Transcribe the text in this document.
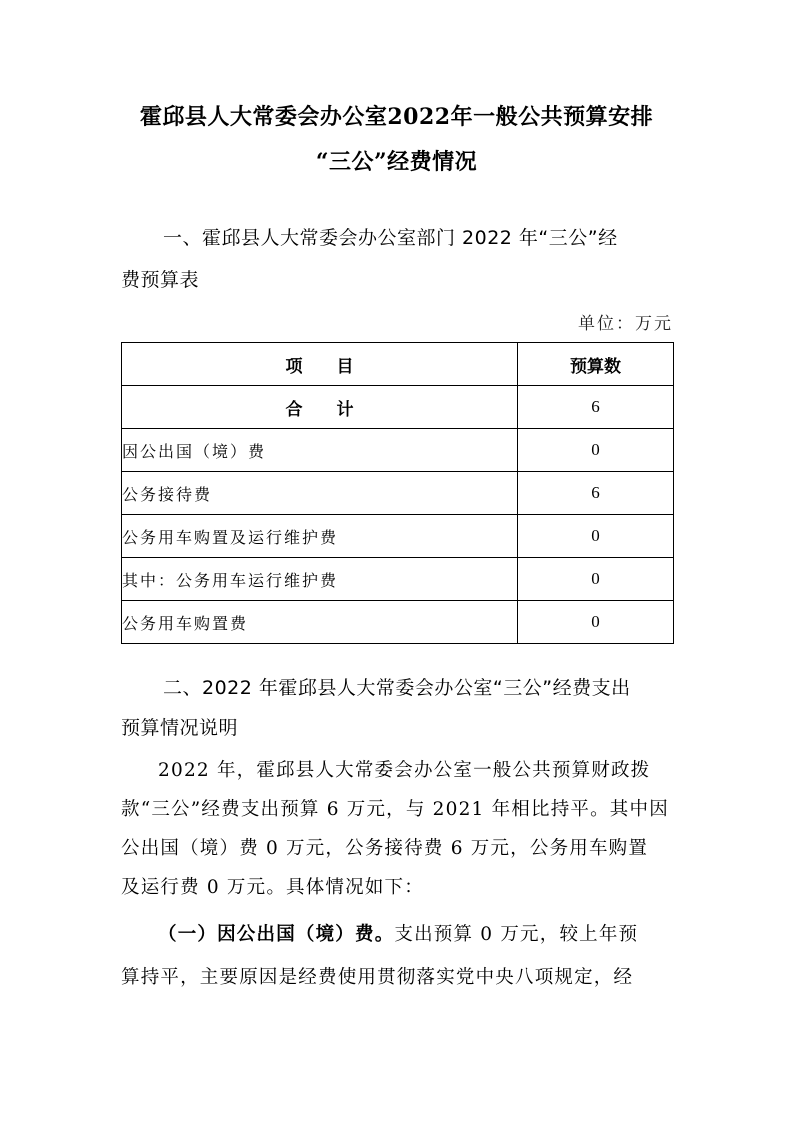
霍邱县人大常委会办公室2022年一般公共预算安排
“三公”经费情况
一、霍邱县人大常委会办公室部门 2022 年“三公”经
费预算表
单位：万元
项　　目	预算数
合　　计	6
因公出国（境）费	0
公务接待费	6
公务用车购置及运行维护费	0
其中：公务用车运行维护费	0
公务用车购置费	0
二、2022 年霍邱县人大常委会办公室“三公”经费支出
预算情况说明
2022 年，霍邱县人大常委会办公室一般公共预算财政拨
款“三公”经费支出预算 6 万元，与 2021 年相比持平。其中因
公出国（境）费 0 万元，公务接待费 6 万元，公务用车购置
及运行费 0 万元。具体情况如下：
（一）因公出国（境）费。支出预算 0 万元，较上年预
算持平，主要原因是经费使用贯彻落实党中央八项规定，经
